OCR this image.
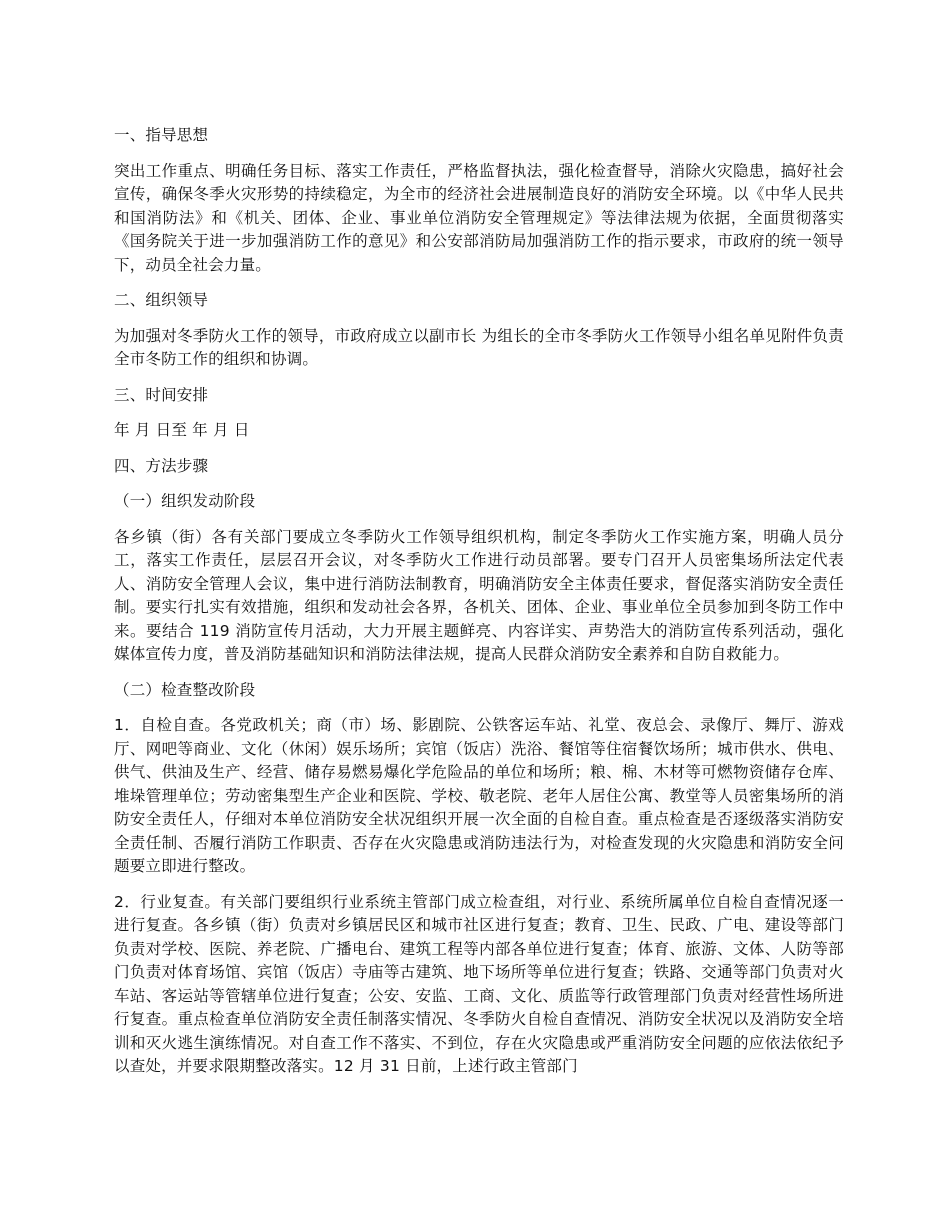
一、指导思想
突出工作重点、明确任务目标、落实工作责任，严格监督执法，强化检查督导，消除火灾隐患，搞好社会宣传，确保冬季火灾形势的持续稳定，为全市的经济社会进展制造良好的消防安全环境。以《中华人民共和国消防法》和《机关、团体、企业、事业单位消防安全管理规定》等法律法规为依据，全面贯彻落实《国务院关于进一步加强消防工作的意见》和公安部消防局加强消防工作的指示要求，市政府的统一领导下，动员全社会力量。
二、组织领导
为加强对冬季防火工作的领导，市政府成立以副市长 为组长的全市冬季防火工作领导小组名单见附件负责全市冬防工作的组织和协调。
三、时间安排
年 月 日至 年 月 日
四、方法步骤
（一）组织发动阶段
各乡镇（街）各有关部门要成立冬季防火工作领导组织机构，制定冬季防火工作实施方案，明确人员分工，落实工作责任，层层召开会议，对冬季防火工作进行动员部署。要专门召开人员密集场所法定代表人、消防安全管理人会议，集中进行消防法制教育，明确消防安全主体责任要求，督促落实消防安全责任制。要实行扎实有效措施，组织和发动社会各界，各机关、团体、企业、事业单位全员参加到冬防工作中来。要结合 119 消防宣传月活动，大力开展主题鲜亮、内容详实、声势浩大的消防宣传系列活动，强化媒体宣传力度，普及消防基础知识和消防法律法规，提高人民群众消防安全素养和自防自救能力。
（二）检查整改阶段
1．自检自查。各党政机关；商（市）场、影剧院、公铁客运车站、礼堂、夜总会、录像厅、舞厅、游戏厅、网吧等商业、文化（休闲）娱乐场所；宾馆（饭店）洗浴、餐馆等住宿餐饮场所；城市供水、供电、供气、供油及生产、经营、储存易燃易爆化学危险品的单位和场所；粮、棉、木材等可燃物资储存仓库、堆垛管理单位；劳动密集型生产企业和医院、学校、敬老院、老年人居住公寓、教堂等人员密集场所的消防安全责任人，仔细对本单位消防安全状况组织开展一次全面的自检自查。重点检查是否逐级落实消防安全责任制、否履行消防工作职责、否存在火灾隐患或消防违法行为，对检查发现的火灾隐患和消防安全问题要立即进行整改。
2．行业复查。有关部门要组织行业系统主管部门成立检查组，对行业、系统所属单位自检自查情况逐一进行复查。各乡镇（街）负责对乡镇居民区和城市社区进行复查；教育、卫生、民政、广电、建设等部门负责对学校、医院、养老院、广播电台、建筑工程等内部各单位进行复查；体育、旅游、文体、人防等部门负责对体育场馆、宾馆（饭店）寺庙等古建筑、地下场所等单位进行复查；铁路、交通等部门负责对火车站、客运站等管辖单位进行复查；公安、安监、工商、文化、质监等行政管理部门负责对经营性场所进行复查。重点检查单位消防安全责任制落实情况、冬季防火自检自查情况、消防安全状况以及消防安全培训和灭火逃生演练情况。对自查工作不落实、不到位，存在火灾隐患或严重消防安全问题的应依法依纪予以查处，并要求限期整改落实。12 月 31 日前，上述行政主管部门
